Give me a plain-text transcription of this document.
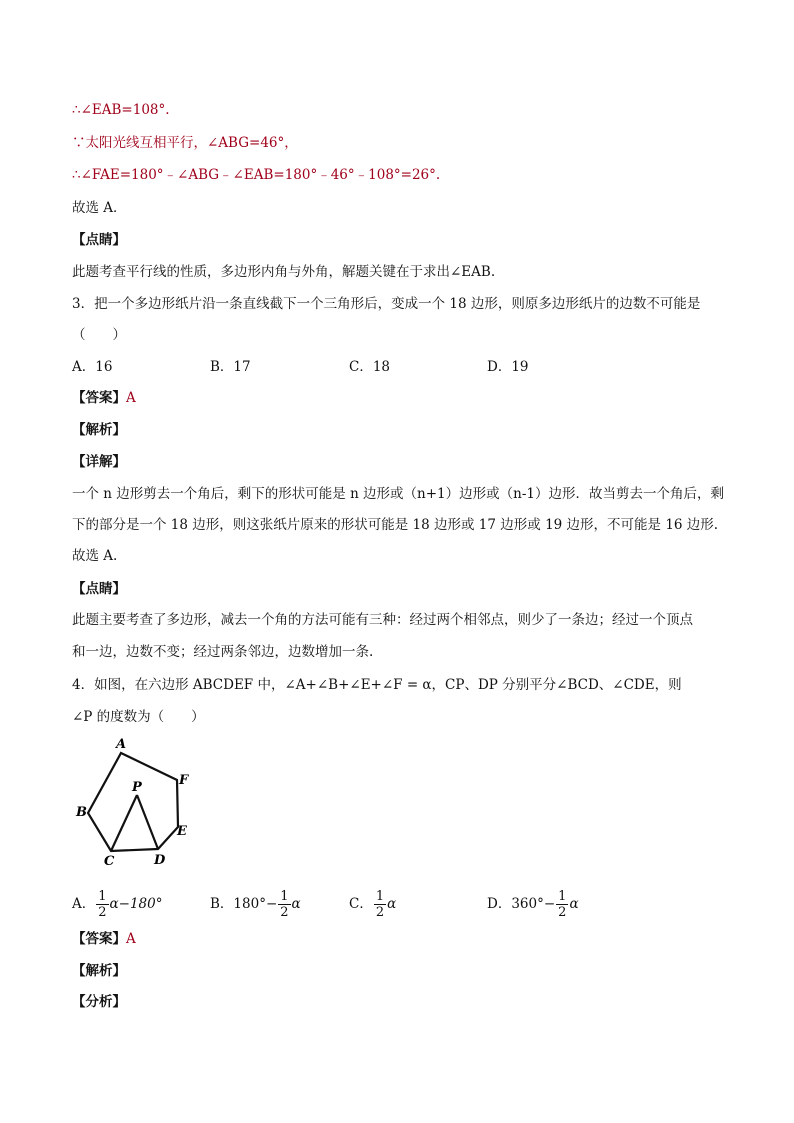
∴∠EAB=108°.
∵太阳光线互相平行，∠ABG=46°，
∴∠FAE=180°﹣∠ABG﹣∠EAB=180°﹣46°﹣108°=26°.
故选 A．
【点睛】
此题考查平行线的性质，多边形内角与外角，解题关键在于求出∠EAB.
3．把一个多边形纸片沿一条直线截下一个三角形后，变成一个 18 边形，则原多边形纸片的边数不可能是
（　　）
A．16	B．17	C．18	D．19
【答案】A
【解析】
【详解】
一个 n 边形剪去一个角后，剩下的形状可能是 n 边形或（n+1）边形或（n-1）边形．故当剪去一个角后，剩
下的部分是一个 18 边形，则这张纸片原来的形状可能是 18 边形或 17 边形或 19 边形，不可能是 16 边形.
故选 A.
【点睛】
此题主要考查了多边形，减去一个角的方法可能有三种：经过两个相邻点，则少了一条边；经过一个顶点
和一边，边数不变；经过两条邻边，边数增加一条.
4．如图，在六边形 ABCDEF 中，∠A+∠B+∠E+∠F = α，CP、DP 分别平分∠BCD、∠CDE，则
∠P 的度数为（　　）
A
F
P
B
E
C	D
A． $\frac{1}{2} \alpha-180^\circ$	B．$180^\circ- \frac{1}{2}$ α	C． $\frac{1}{2}$ α	D．$360^\circ- \frac{1}{2}$ α
【答案】A
【解析】
【分析】
